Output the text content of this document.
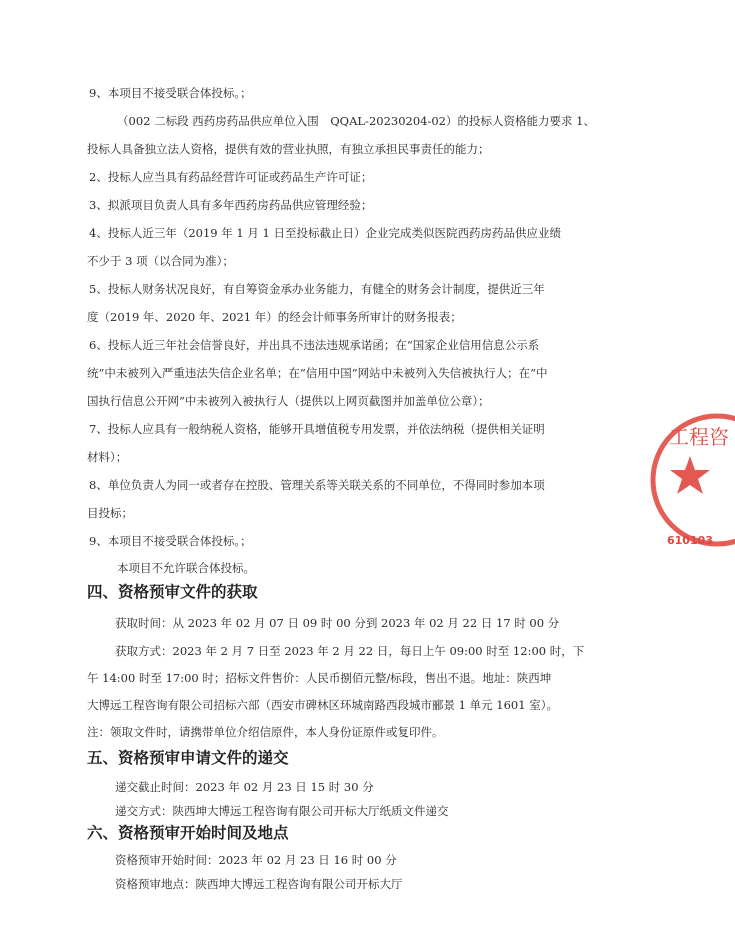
9、本项目不接受联合体投标。；
（002 二标段 西药房药品供应单位入围　QQAL-20230204-02）的投标人资格能力要求 1、
投标人具备独立法人资格，提供有效的营业执照，有独立承担民事责任的能力；
2、投标人应当具有药品经营许可证或药品生产许可证；
3、拟派项目负责人具有多年西药房药品供应管理经验；
4、投标人近三年（2019 年 1 月 1 日至投标截止日）企业完成类似医院西药房药品供应业绩
不少于 3 项（以合同为准）；
5、投标人财务状况良好，有自筹资金承办业务能力，有健全的财务会计制度，提供近三年
度（2019 年、2020 年、2021 年）的经会计师事务所审计的财务报表；
6、投标人近三年社会信誉良好，并出具不违法违规承诺函；在“国家企业信用信息公示系
统”中未被列入严重违法失信企业名单；在“信用中国”网站中未被列入失信被执行人；在“中
国执行信息公开网”中未被列入被执行人（提供以上网页截图并加盖单位公章）；
7、投标人应具有一般纳税人资格，能够开具增值税专用发票，并依法纳税（提供相关证明
材料）；
8、单位负责人为同一或者存在控股、管理关系等关联关系的不同单位，不得同时参加本项
目投标；
9、本项目不接受联合体投标。；
本项目不允许联合体投标。
四、资格预审文件的获取
获取时间：从 2023 年 02 月 07 日 09 时 00 分到 2023 年 02 月 22 日 17 时 00 分
获取方式：2023 年 2 月 7 日至 2023 年 2 月 22 日，每日上午 09:00 时至 12:00 时，下
午 14:00 时至 17:00 时；招标文件售价：人民币捌佰元整/标段，售出不退。地址：陕西坤
大博远工程咨询有限公司招标六部（西安市碑林区环城南路西段城市郦景 1 单元 1601 室）。
注：领取文件时，请携带单位介绍信原件，本人身份证原件或复印件。
五、资格预审申请文件的递交
递交截止时间：2023 年 02 月 23 日 15 时 30 分
递交方式：陕西坤大博远工程咨询有限公司开标大厅纸质文件递交
六、资格预审开始时间及地点
资格预审开始时间：2023 年 02 月 23 日 16 时 00 分
资格预审地点：陕西坤大博远工程咨询有限公司开标大厅
工程咨
610103
